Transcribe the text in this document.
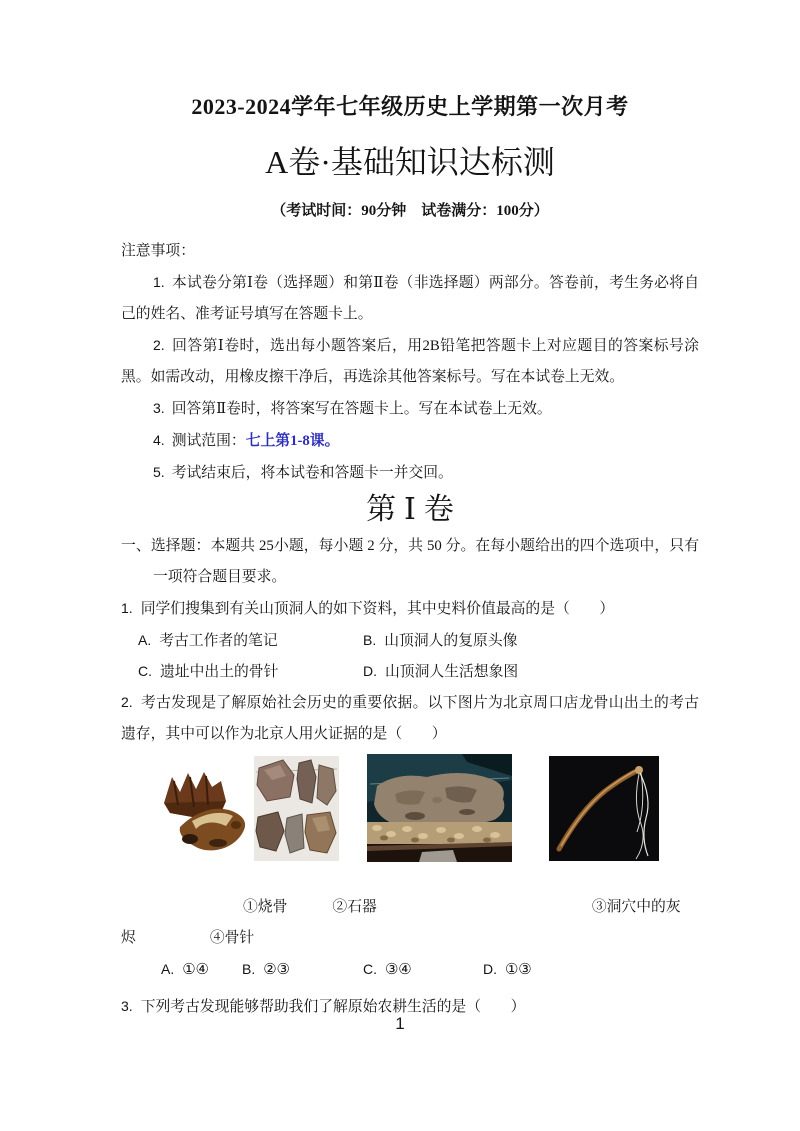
2023-2024学年七年级历史上学期第一次月考
A卷·基础知识达标测
（考试时间：90分钟　试卷满分：100分）

注意事项：

1. 本试卷分第Ⅰ卷（选择题）和第Ⅱ卷（非选择题）两部分。答卷前，考生务必将自己的姓名、准考证号填写在答题卡上。

2. 回答第Ⅰ卷时，选出每小题答案后，用2B铅笔把答题卡上对应题目的答案标号涂黑。如需改动，用橡皮擦干净后，再选涂其他答案标号。写在本试卷上无效。

3. 回答第Ⅱ卷时，将答案写在答题卡上。写在本试卷上无效。

4. 测试范围：七上第1-8课。

5. 考试结束后，将本试卷和答题卡一并交回。

第Ⅰ卷

一、选择题：本题共 25小题，每小题 2 分，共 50 分。在每小题给出的四个选项中，只有一项符合题目要求。

1. 同学们搜集到有关山顶洞人的如下资料，其中史料价值最高的是（　　）

A. 考古工作者的笔记	B. 山顶洞人的复原头像
C. 遗址中出土的骨针	D. 山顶洞人生活想象图

2. 考古发现是了解原始社会历史的重要依据。以下图片为北京周口店龙骨山出土的考古遗存，其中可以作为北京人用火证据的是（　　）

①烧骨	②石器	③洞穴中的灰
烬	④骨针
A. ①④	B. ②③	C. ③④	D. ①③

3. 下列考古发现能够帮助我们了解原始农耕生活的是（　　）

1
